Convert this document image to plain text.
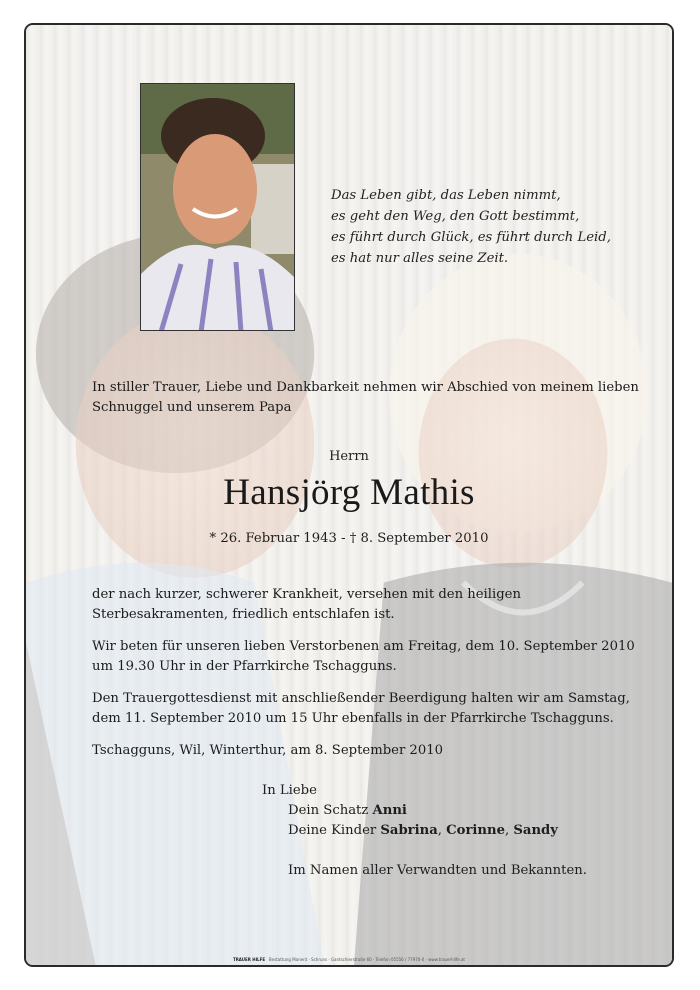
Das Leben gibt, das Leben nimmt,
es geht den Weg, den Gott bestimmt,
es führt durch Glück, es führt durch Leid,
es hat nur alles seine Zeit.
In stiller Trauer, Liebe und Dankbarkeit nehmen wir Abschied von meinem lieben
Schnuggel und unserem Papa
Herrn
Hansjörg Mathis
* 26. Februar 1943 - † 8. September 2010
der nach kurzer, schwerer Krankheit, versehen mit den heiligen
Sterbesakramenten, friedlich entschlafen ist.
Wir beten für unseren lieben Verstorbenen am Freitag, dem 10. September 2010
um 19.30 Uhr in der Pfarrkirche Tschagguns.
Den Trauergottesdienst mit anschließender Beerdigung halten wir am Samstag,
dem 11. September 2010 um 15 Uhr ebenfalls in der Pfarrkirche Tschagguns.
Tschagguns, Wil, Winterthur, am 8. September 2010
In Liebe
Dein Schatz Anni
Deine Kinder Sabrina, Corinne, Sandy
Im Namen aller Verwandten und Bekannten.
TRAUER HILFE Bestattung Manent · Schruns · Gantschierstraße 60 · Telefon 05556 / 77970-0 · www.trauerhilfe.at
